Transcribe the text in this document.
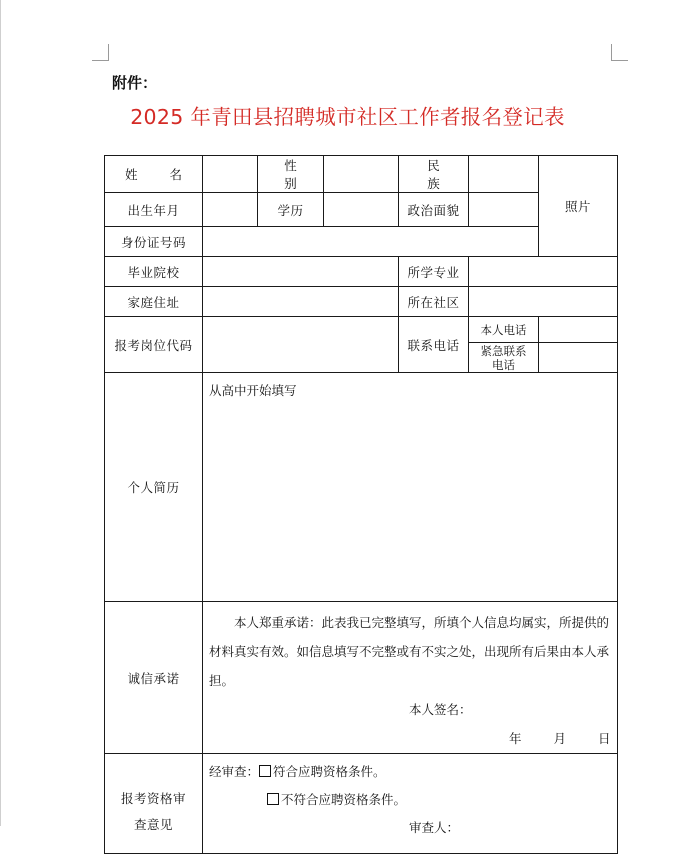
附件：
2025 年青田县招聘城市社区工作者报名登记表
姓 名		性 别		民 族		照片
出生年月		学历		政治面貌		
身份证号码						
毕业院校				所学专业		
家庭住址				所在社区		
报考岗位代码				联系电话	本人电话	
					紧急联系
电话	
个人简历	从高中开始填写					
诚信承诺	本人郑重承诺：此表我已完整填写，所填个人信息均属实，所提供的材料真实有效。如信息填写不完整或有不实之处，出现所有后果由本人承担。
本人签名：
年 月 日					

报考资格审
查意见	经审查： 符合应聘资格条件。
不符合应聘资格条件。
审查人：					
